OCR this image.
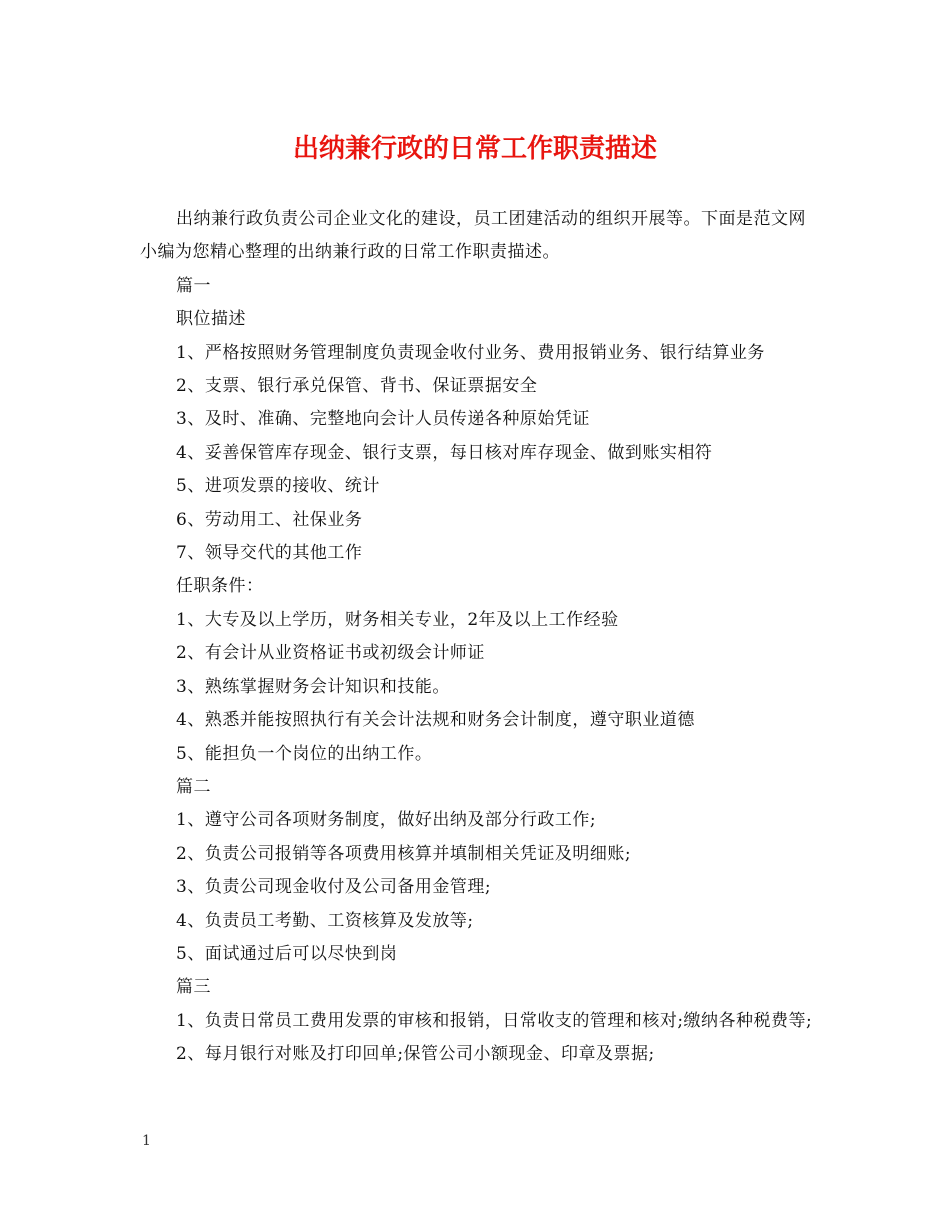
出纳兼行政的日常工作职责描述

出纳兼行政负责公司企业文化的建设，员工团建活动的组织开展等。下面是范文网小编为您精心整理的出纳兼行政的日常工作职责描述。

篇一

职位描述

1、严格按照财务管理制度负责现金收付业务、费用报销业务、银行结算业务

2、支票、银行承兑保管、背书、保证票据安全

3、及时、准确、完整地向会计人员传递各种原始凭证

4、妥善保管库存现金、银行支票，每日核对库存现金、做到账实相符

5、进项发票的接收、统计

6、劳动用工、社保业务

7、领导交代的其他工作

任职条件：

1、大专及以上学历，财务相关专业，2年及以上工作经验

2、有会计从业资格证书或初级会计师证

3、熟练掌握财务会计知识和技能。

4、熟悉并能按照执行有关会计法规和财务会计制度，遵守职业道德

5、能担负一个岗位的出纳工作。

篇二

1、遵守公司各项财务制度，做好出纳及部分行政工作;

2、负责公司报销等各项费用核算并填制相关凭证及明细账;

3、负责公司现金收付及公司备用金管理;

4、负责员工考勤、工资核算及发放等;

5、面试通过后可以尽快到岗

篇三

1、负责日常员工费用发票的审核和报销，日常收支的管理和核对;缴纳各种税费等;

2、每月银行对账及打印回单;保管公司小额现金、印章及票据;

1
